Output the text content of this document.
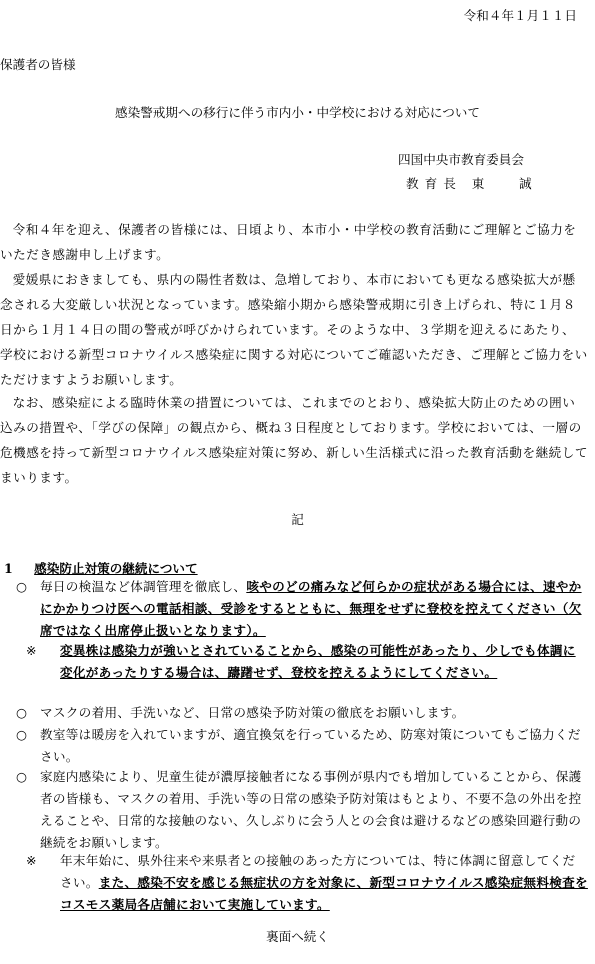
令和４年１月１１日
保護者の皆様
感染警戒期への移行に伴う市内小・中学校における対応について
四国中央市教育委員会
教育長 東　 誠
令和４年を迎え、保護者の皆様には、日頃より、本市小・中学校の教育活動にご理解とご協力をいただき感謝申し上げます。
愛媛県におきましても、県内の陽性者数は、急増しており、本市においても更なる感染拡大が懸念される大変厳しい状況となっています。感染縮小期から感染警戒期に引き上げられ、特に１月８日から１月１４日の間の警戒が呼びかけられています。そのような中、３学期を迎えるにあたり、学校における新型コロナウイルス感染症に関する対応についてご確認いただき、ご理解とご協力をいただけますようお願いします。
なお、感染症による臨時休業の措置については、これまでのとおり、感染拡大防止のための囲い込みの措置や、「学びの保障」の観点から、概ね３日程度としております。学校においては、一層の危機感を持って新型コロナウイルス感染症対策に努め、新しい生活様式に沿った教育活動を継続してまいります。
記
1 　 感染防止対策の継続について
○ 毎日の検温など体調管理を徹底し、咳やのどの痛みなど何らかの症状がある場合には、速やかにかかりつけ医への電話相談、受診をするとともに、無理をせずに登校を控えてください（欠席ではなく出席停止扱いとなります）。
※	変異株は感染力が強いとされていることから、感染の可能性があったり、少しでも体調に変化があったりする場合は、躊躇せず、登校を控えるようにしてください。
○ マスクの着用、手洗いなど、日常の感染予防対策の徹底をお願いします。
○ 教室等は暖房を入れていますが、適宜換気を行っているため、防寒対策についてもご協力ください。
○ 家庭内感染により、児童生徒が濃厚接触者になる事例が県内でも増加していることから、保護者の皆様も、マスクの着用、手洗い等の日常の感染予防対策はもとより、不要不急の外出を控えることや、日常的な接触のない、久しぶりに会う人との会食は避けるなどの感染回避行動の継続をお願いします。
※	年末年始に、県外往来や来県者との接触のあった方については、特に体調に留意してください。また、感染不安を感じる無症状の方を対象に、新型コロナウイルス感染症無料検査をコスモス薬局各店舗において実施しています。
裏面へ続く
